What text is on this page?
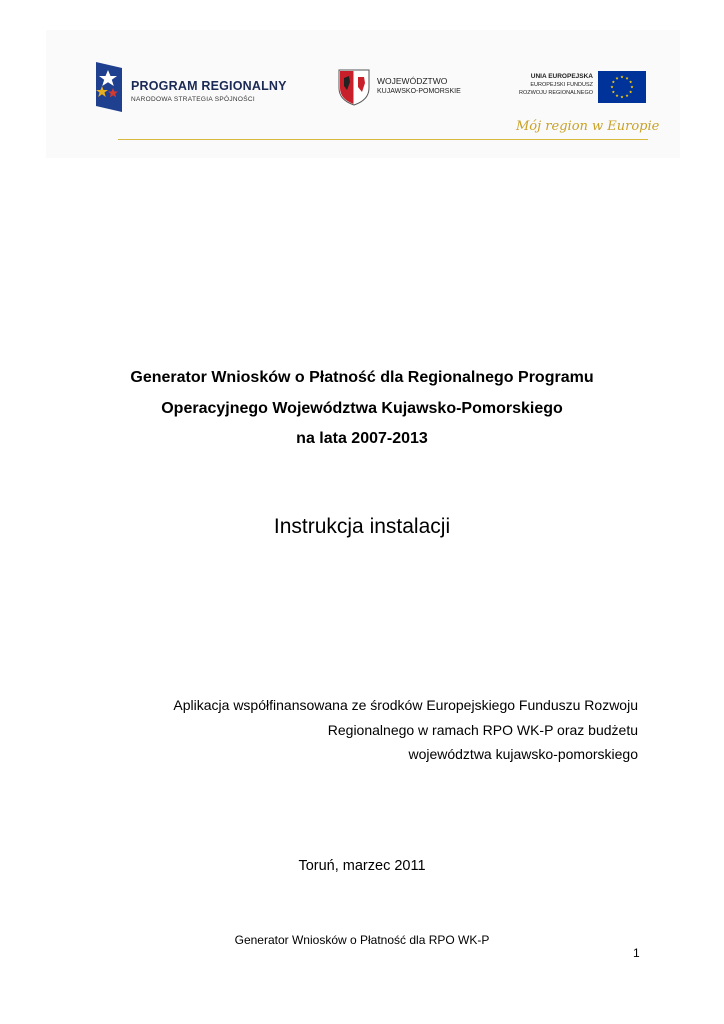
PROGRAM REGIONALNY
NARODOWA STRATEGIA SPÓJNOŚCI
WOJEWÓDZTWO
KUJAWSKO-POMORSKIE
UNIA EUROPEJSKA
EUROPEJSKI FUNDUSZ
ROZWOJU REGIONALNEGO
Mój region w Europie
Generator Wniosków o Płatność dla Regionalnego Programu
Operacyjnego Województwa Kujawsko-Pomorskiego
na lata 2007-2013
Instrukcja instalacji
Aplikacja współfinansowana ze środków Europejskiego Funduszu Rozwoju
Regionalnego w ramach RPO WK-P oraz budżetu
województwa kujawsko-pomorskiego
Toruń, marzec 2011
Generator Wniosków o Płatność dla RPO WK-P
1
